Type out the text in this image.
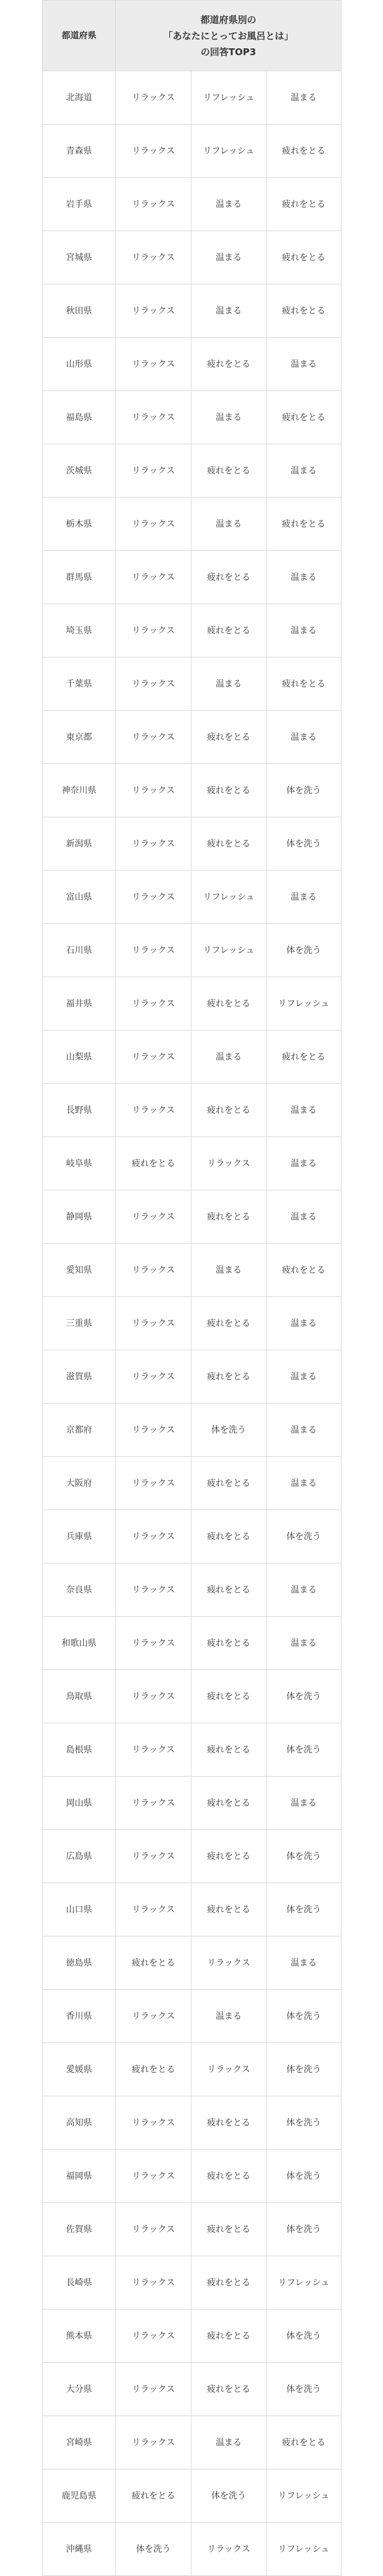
都道府県	都道府県別の
「あなたにとってお風呂とは」
の回答TOP3		
北海道	リラックス	リフレッシュ	温まる
青森県	リラックス	リフレッシュ	疲れをとる
岩手県	リラックス	温まる	疲れをとる
宮城県	リラックス	温まる	疲れをとる
秋田県	リラックス	温まる	疲れをとる
山形県	リラックス	疲れをとる	温まる
福島県	リラックス	温まる	疲れをとる
茨城県	リラックス	疲れをとる	温まる
栃木県	リラックス	温まる	疲れをとる
群馬県	リラックス	疲れをとる	温まる
埼玉県	リラックス	疲れをとる	温まる
千葉県	リラックス	温まる	疲れをとる
東京都	リラックス	疲れをとる	温まる
神奈川県	リラックス	疲れをとる	体を洗う
新潟県	リラックス	疲れをとる	体を洗う
富山県	リラックス	リフレッシュ	温まる
石川県	リラックス	リフレッシュ	体を洗う
福井県	リラックス	疲れをとる	リフレッシュ
山梨県	リラックス	温まる	疲れをとる
長野県	リラックス	疲れをとる	温まる
岐阜県	疲れをとる	リラックス	温まる
静岡県	リラックス	疲れをとる	温まる
愛知県	リラックス	温まる	疲れをとる
三重県	リラックス	疲れをとる	温まる
滋賀県	リラックス	疲れをとる	温まる
京都府	リラックス	体を洗う	温まる
大阪府	リラックス	疲れをとる	温まる
兵庫県	リラックス	疲れをとる	体を洗う
奈良県	リラックス	疲れをとる	温まる
和歌山県	リラックス	疲れをとる	温まる
鳥取県	リラックス	疲れをとる	体を洗う
島根県	リラックス	疲れをとる	体を洗う
岡山県	リラックス	疲れをとる	温まる
広島県	リラックス	疲れをとる	体を洗う
山口県	リラックス	疲れをとる	体を洗う
徳島県	疲れをとる	リラックス	温まる
香川県	リラックス	温まる	体を洗う
愛媛県	疲れをとる	リラックス	体を洗う
高知県	リラックス	疲れをとる	体を洗う
福岡県	リラックス	疲れをとる	体を洗う
佐賀県	リラックス	疲れをとる	体を洗う
長崎県	リラックス	疲れをとる	リフレッシュ
熊本県	リラックス	疲れをとる	体を洗う
大分県	リラックス	疲れをとる	体を洗う
宮崎県	リラックス	温まる	疲れをとる
鹿児島県	疲れをとる	体を洗う	リフレッシュ
沖縄県	体を洗う	リラックス	リフレッシュ
